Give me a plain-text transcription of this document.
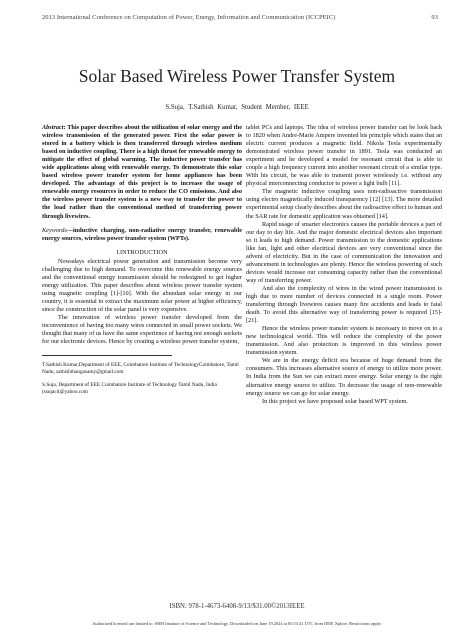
2013 International Conference on Computation of Power, Energy, Information and Communication (ICCPEIC)	93
Solar Based Wireless Power Transfer System
S.Suja, T.Sathish Kumar, Student Member, IEEE

Abstract: This paper describes about the utilization of solar energy and the wireless transmission of the generated power. First the solar power is stored in a battery which is then transferred through wireless medium based on inductive coupling. There is a high thrust for renewable energy to mitigate the effect of global warming. The inductive power transfer has wide applications along with renewable energy. To demonstrate this solar based wireless power transfer system for home appliances has been developed. The advantage of this project is to increase the usage of renewable energy resources in order to reduce the CO emissions. And also the wireless power transfer system is a new way to transfer the power to the load rather than the conventional method of transferring power through livewires.

Keywords—inductive charging, non-radiative energy transfer, renewable energy sources, wireless power transfer system (WPTs).

I.INTRODUCTION

Nowadays electrical power generation and transmission become very challenging due to high demand. To overcome this renewable energy sources and the conventional energy transmission should be redesigned to get higher energy utilization. This paper describes about wireless power transfer system using magnetic coupling [1]-[10]. With the abundant solar energy in our country, it is essential to extract the maximum solar power at higher efficiency, since the construction of the solar panel is very expensive.

The innovation of wireless power transfer developed from the inconvenience of having too many wires connected in small power sockets. We thought that many of us have the same experience of having not enough sockets for our electronic devices. Hence by creating a wireless power transfer system,

T.Sathish Kumar,Department of EEE, Coimbatore Institute of TechnologyCoimbatore, Tamil Nadu, sathishthangasamy@gmail.com

S.Suja, Department of EEE Coimbatore Institute of Technology Tamil Nadu, India (ssujacit@yahoo.com

tablet PCs and laptops. The idea of wireless power transfer can be look back to 1820 when Andre-Marie Ampere invented his principle which states that an electric current produces a magnetic field. Nikola Tesla experimentally demonstrated wireless power transfer in 1891. Tesla was conducted an experiment and he developed a model for resonant circuit that is able to couple a high frequency current into another resonant circuit of a similar type. With his circuit, he was able to transmit power wirelessly i.e. without any physical interconnecting conductor to power a light bulb [11].

The magnetic inductive coupling uses non-radioactive transmission using electro magnetically induced transparency [12] [13]. The more detailed experimental setup clearly describes about the radioactive effect to human and the SAR rate for domestic application was obtained [14].

Rapid usage of smarter electronics causes the portable devices a part of our day to day life. And the major domestic electrical devices also important so it leads to high demand. Power transmission to the domestic applications like fan, light and other electrical devices are very conventional since the advent of electricity. But in the case of communication the innovation and advancement in technologies are plenty. Hence the wireless powering of such devices would increase our consuming capacity rather than the conventional way of transferring power.

And also the complexity of wires in the wired power transmission is high due to more number of devices connected in a single room. Power transferring through livewires causes many fire accidents and leads to fatal death. To avoid this alternative way of transferring power is required [15]-[21].

Hence the wireless power transfer system is necessary to move on to a new technological world. This will reduce the complexity of the power transmission. And also protection is improved in this wireless power transmission system.

We are in the energy deficit era because of huge demand from the consumers. This increases alternative source of energy to utilize more power. In India from the Sun we can extract more energy. Solar energy is the right alternative energy source to utilize. To decrease the usage of non-renewable energy source we can go for solar energy.

In this project we have proposed solar based WPT system.

ISBN: 978-1-4673-6408-9/13/$31.00©2013IEEE
Authorized licensed use limited to: SRM Institute of Science and Technology. Downloaded on June 19,2024 at 05:53:41 UTC from IEEE Xplore. Restrictions apply.
